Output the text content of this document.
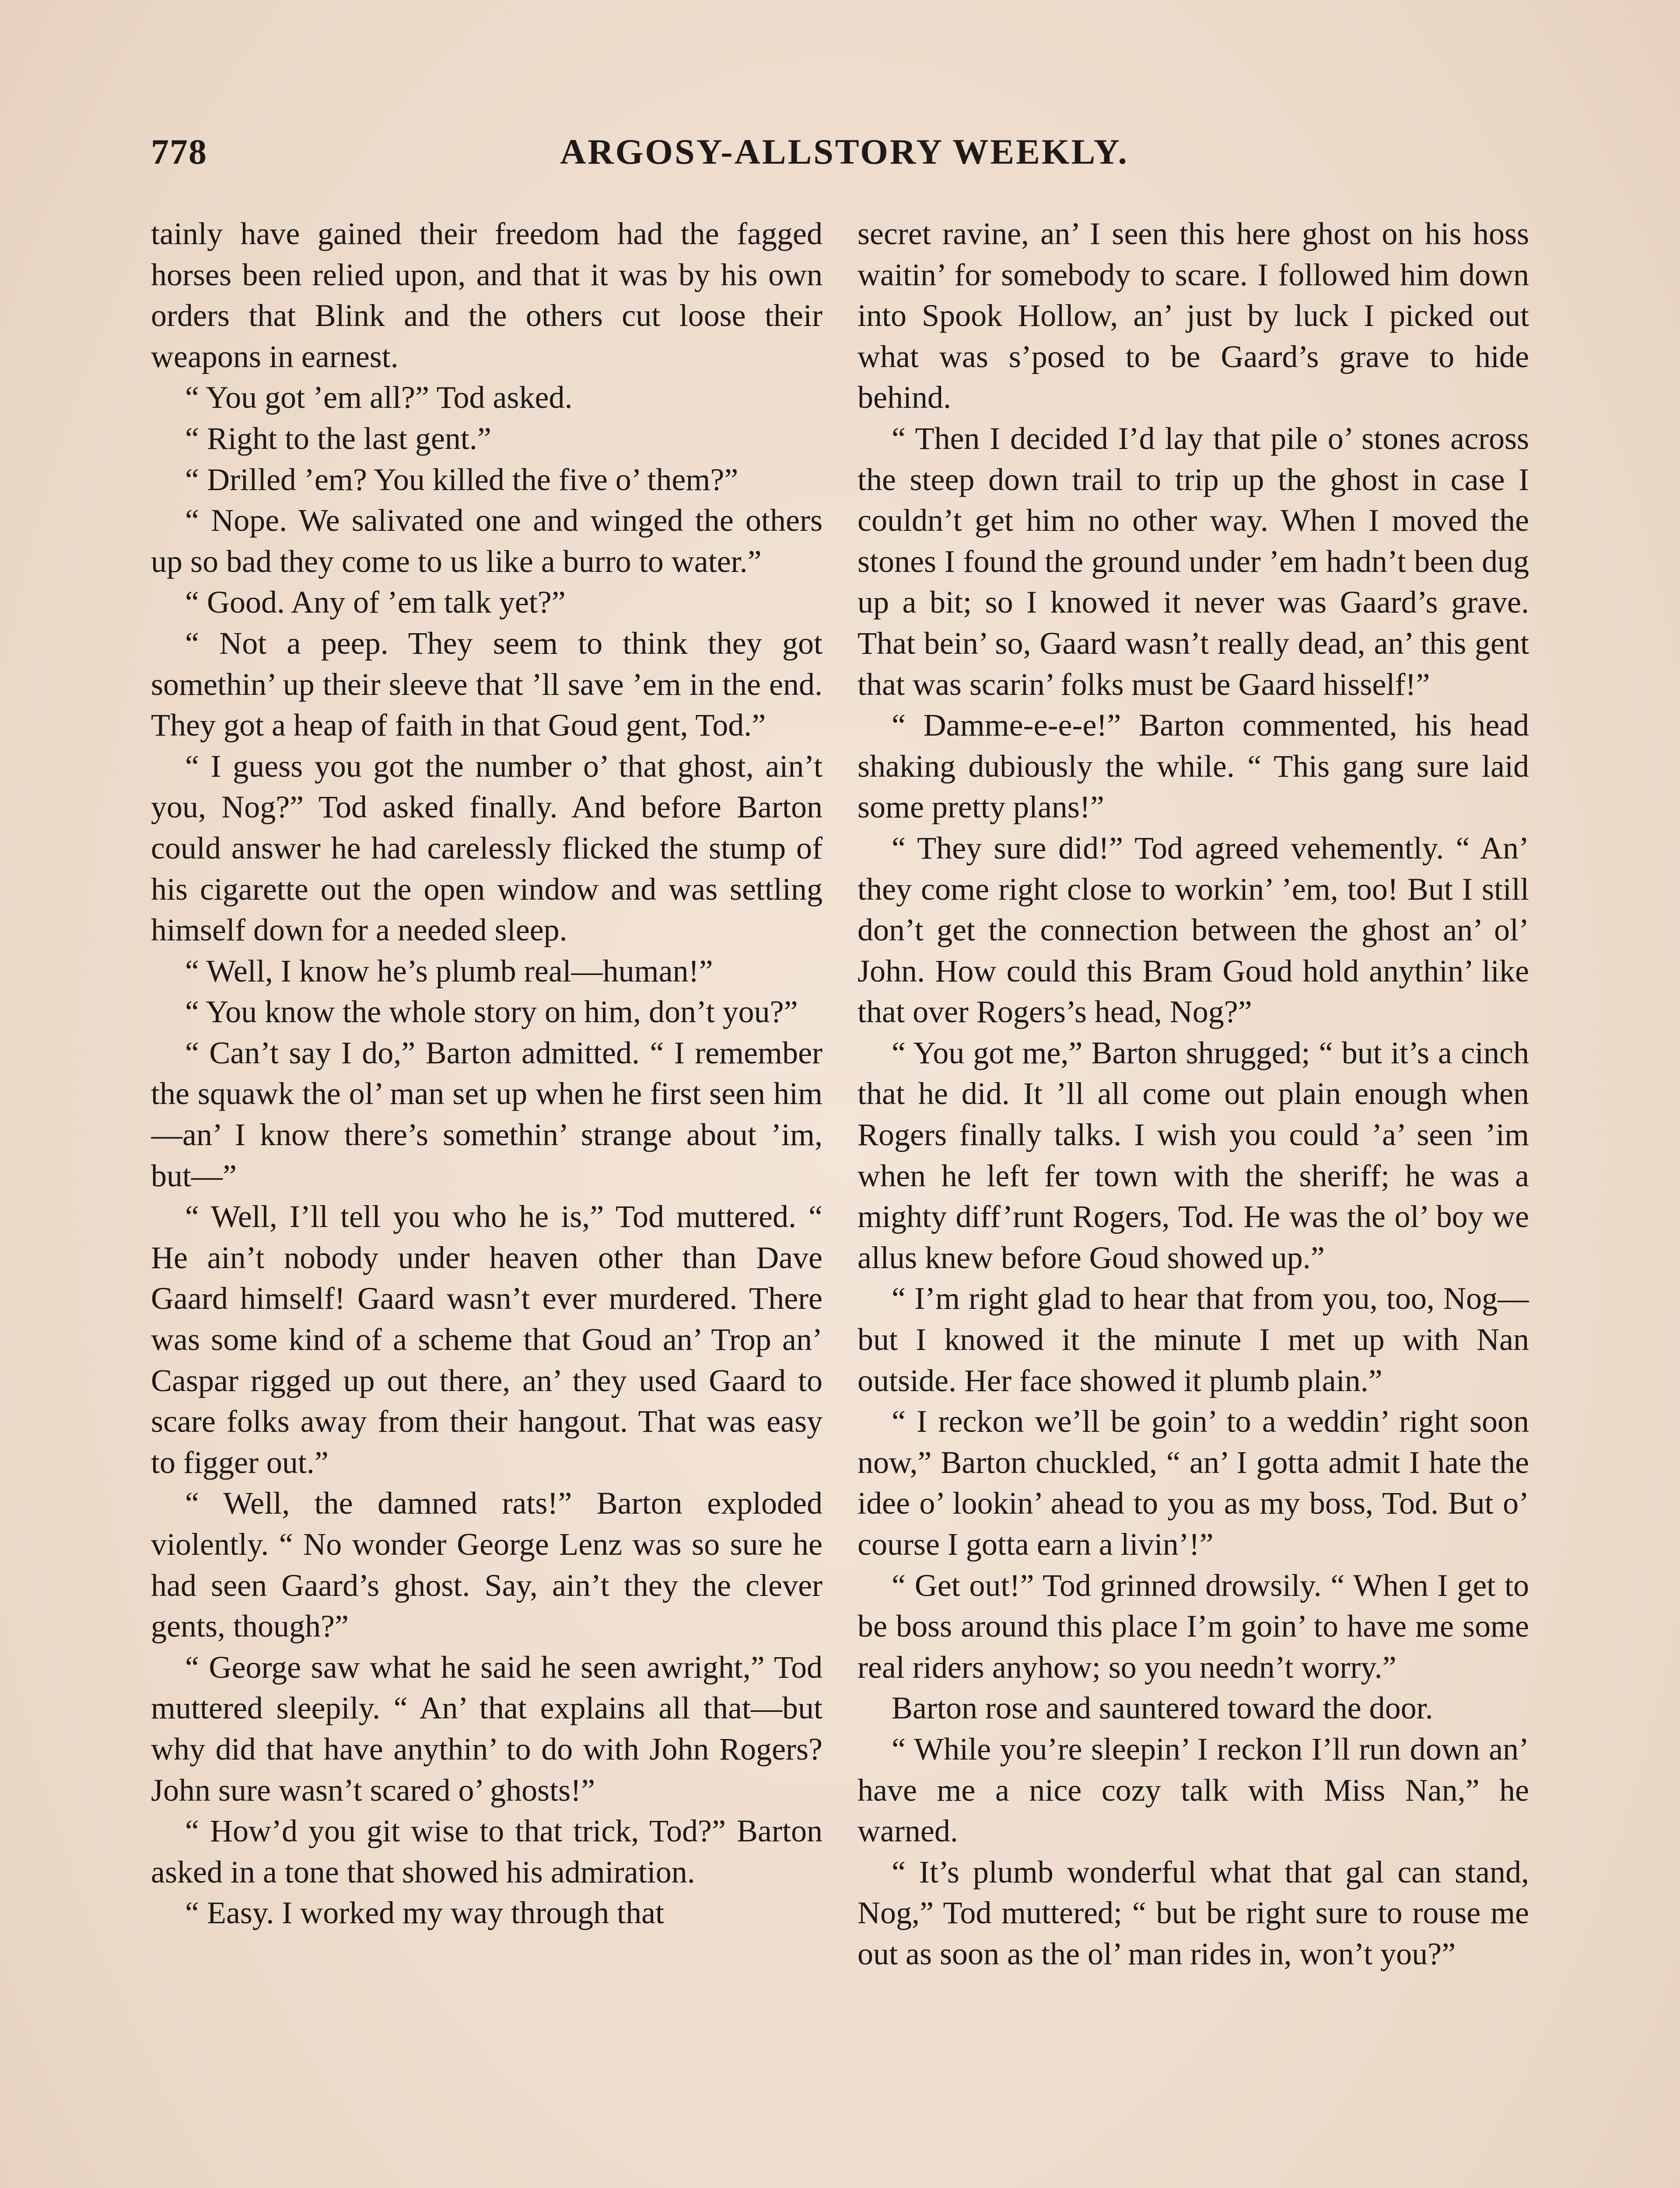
778	ARGOSY-ALLSTORY WEEKLY.

tainly have gained their freedom had the fagged horses been relied upon, and that it was by his own orders that Blink and the others cut loose their weapons in earnest.

“ You got ’em all?” Tod asked.

“ Right to the last gent.”

“ Drilled ’em? You killed the five o’ them?”

“ Nope. We salivated one and winged the others up so bad they come to us like a burro to water.”

“ Good. Any of ’em talk yet?”

“ Not a peep. They seem to think they got somethin’ up their sleeve that ’ll save ’em in the end. They got a heap of faith in that Goud gent, Tod.”

“ I guess you got the number o’ that ghost, ain’t you, Nog?” Tod asked finally. And before Barton could answer he had carelessly flicked the stump of his cigarette out the open window and was settling himself down for a needed sleep.

“ Well, I know he’s plumb real—human!”

“ You know the whole story on him, don’t you?”

“ Can’t say I do,” Barton admitted. “ I remember the squawk the ol’ man set up when he first seen him—an’ I know there’s somethin’ strange about ’im, but—”

“ Well, I’ll tell you who he is,” Tod muttered. “ He ain’t nobody under heaven other than Dave Gaard himself! Gaard wasn’t ever murdered. There was some kind of a scheme that Goud an’ Trop an’ Caspar rigged up out there, an’ they used Gaard to scare folks away from their hangout. That was easy to figger out.”

“ Well, the damned rats!” Barton exploded violently. “ No wonder George Lenz was so sure he had seen Gaard’s ghost. Say, ain’t they the clever gents, though?”

“ George saw what he said he seen awright,” Tod muttered sleepily. “ An’ that explains all that—but why did that have anythin’ to do with John Rogers? John sure wasn’t scared o’ ghosts!”

“ How’d you git wise to that trick, Tod?” Barton asked in a tone that showed his admiration.

“ Easy. I worked my way through that

secret ravine, an’ I seen this here ghost on his hoss waitin’ for somebody to scare. I followed him down into Spook Hollow, an’ just by luck I picked out what was s’posed to be Gaard’s grave to hide behind.

“ Then I decided I’d lay that pile o’ stones across the steep down trail to trip up the ghost in case I couldn’t get him no other way. When I moved the stones I found the ground under ’em hadn’t been dug up a bit; so I knowed it never was Gaard’s grave. That bein’ so, Gaard wasn’t really dead, an’ this gent that was scarin’ folks must be Gaard hisself!”

“ Damme-e-e-e!” Barton commented, his head shaking dubiously the while. “ This gang sure laid some pretty plans!”

“ They sure did!” Tod agreed vehemently. “ An’ they come right close to workin’ ’em, too! But I still don’t get the connection between the ghost an’ ol’ John. How could this Bram Goud hold anythin’ like that over Rogers’s head, Nog?”

“ You got me,” Barton shrugged; “ but it’s a cinch that he did. It ’ll all come out plain enough when Rogers finally talks. I wish you could ’a’ seen ’im when he left fer town with the sheriff; he was a mighty diff’runt Rogers, Tod. He was the ol’ boy we allus knew before Goud showed up.”

“ I’m right glad to hear that from you, too, Nog—but I knowed it the minute I met up with Nan outside. Her face showed it plumb plain.”

“ I reckon we’ll be goin’ to a weddin’ right soon now,” Barton chuckled, “ an’ I gotta admit I hate the idee o’ lookin’ ahead to you as my boss, Tod. But o’ course I gotta earn a livin’!”

“ Get out!” Tod grinned drowsily. “ When I get to be boss around this place I’m goin’ to have me some real riders anyhow; so you needn’t worry.”

Barton rose and sauntered toward the door.

“ While you’re sleepin’ I reckon I’ll run down an’ have me a nice cozy talk with Miss Nan,” he warned.

“ It’s plumb wonderful what that gal can stand, Nog,” Tod muttered; “ but be right sure to rouse me out as soon as the ol’ man rides in, won’t you?”
